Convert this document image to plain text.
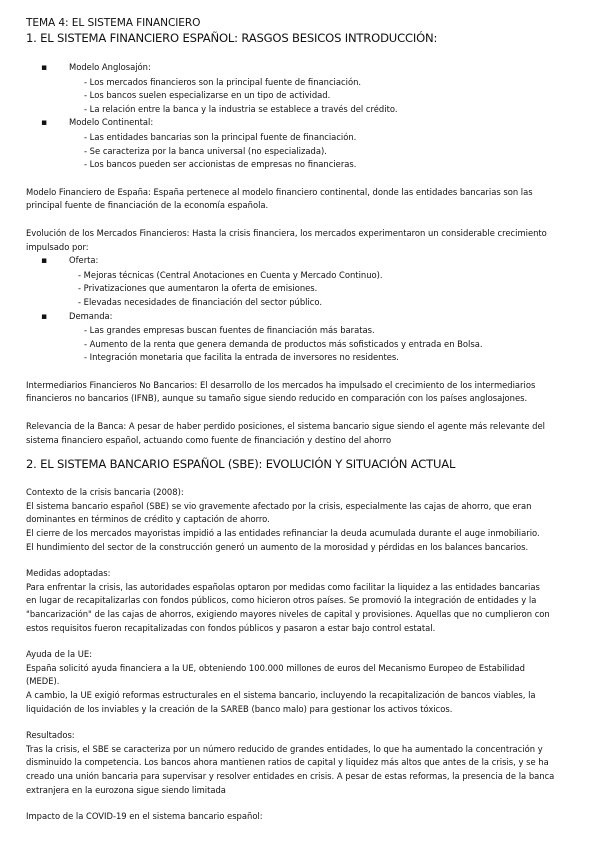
TEMA 4: EL SISTEMA FINANCIERO
1. EL SISTEMA FINANCIERO ESPAÑOL: RASGOS BESICOS INTRODUCCIÓN:
▪	Modelo Anglosajón:
- Los mercados financieros son la principal fuente de financiación.
- Los bancos suelen especializarse en un tipo de actividad.
- La relación entre la banca y la industria se establece a través del crédito.
▪	Modelo Continental:
- Las entidades bancarias son la principal fuente de financiación.
- Se caracteriza por la banca universal (no especializada).
- Los bancos pueden ser accionistas de empresas no financieras.

Modelo Financiero de España: España pertenece al modelo financiero continental, donde las entidades bancarias son las

principal fuente de financiación de la economía española.

Evolución de los Mercados Financieros: Hasta la crisis financiera, los mercados experimentaron un considerable crecimiento

impulsado por:

▪	Oferta:
- Mejoras técnicas (Central Anotaciones en Cuenta y Mercado Continuo).
- Privatizaciones que aumentaron la oferta de emisiones.
- Elevadas necesidades de financiación del sector público.
▪	Demanda:
- Las grandes empresas buscan fuentes de financiación más baratas.
- Aumento de la renta que genera demanda de productos más sofisticados y entrada en Bolsa.
- Integración monetaria que facilita la entrada de inversores no residentes.

Intermediarios Financieros No Bancarios: El desarrollo de los mercados ha impulsado el crecimiento de los intermediarios

financieros no bancarios (IFNB), aunque su tamaño sigue siendo reducido en comparación con los países anglosajones.

Relevancia de la Banca: A pesar de haber perdido posiciones, el sistema bancario sigue siendo el agente más relevante del

sistema financiero español, actuando como fuente de financiación y destino del ahorro

2. EL SISTEMA BANCARIO ESPAÑOL (SBE): EVOLUCIÓN Y SITUACIÓN ACTUAL

Contexto de la crisis bancaria (2008):

El sistema bancario español (SBE) se vio gravemente afectado por la crisis, especialmente las cajas de ahorro, que eran

dominantes en términos de crédito y captación de ahorro.

El cierre de los mercados mayoristas impidió a las entidades refinanciar la deuda acumulada durante el auge inmobiliario.

El hundimiento del sector de la construcción generó un aumento de la morosidad y pérdidas en los balances bancarios.

Medidas adoptadas:

Para enfrentar la crisis, las autoridades españolas optaron por medidas como facilitar la liquidez a las entidades bancarias

en lugar de recapitalizarlas con fondos públicos, como hicieron otros países. Se promovió la integración de entidades y la

"bancarización" de las cajas de ahorros, exigiendo mayores niveles de capital y provisiones. Aquellas que no cumplieron con

estos requisitos fueron recapitalizadas con fondos públicos y pasaron a estar bajo control estatal.

Ayuda de la UE:

España solicitó ayuda financiera a la UE, obteniendo 100.000 millones de euros del Mecanismo Europeo de Estabilidad

(MEDE).

A cambio, la UE exigió reformas estructurales en el sistema bancario, incluyendo la recapitalización de bancos viables, la

liquidación de los inviables y la creación de la SAREB (banco malo) para gestionar los activos tóxicos.

Resultados:

Tras la crisis, el SBE se caracteriza por un número reducido de grandes entidades, lo que ha aumentado la concentración y

disminuido la competencia. Los bancos ahora mantienen ratios de capital y liquidez más altos que antes de la crisis, y se ha

creado una unión bancaria para supervisar y resolver entidades en crisis. A pesar de estas reformas, la presencia de la banca

extranjera en la eurozona sigue siendo limitada

Impacto de la COVID-19 en el sistema bancario español:
